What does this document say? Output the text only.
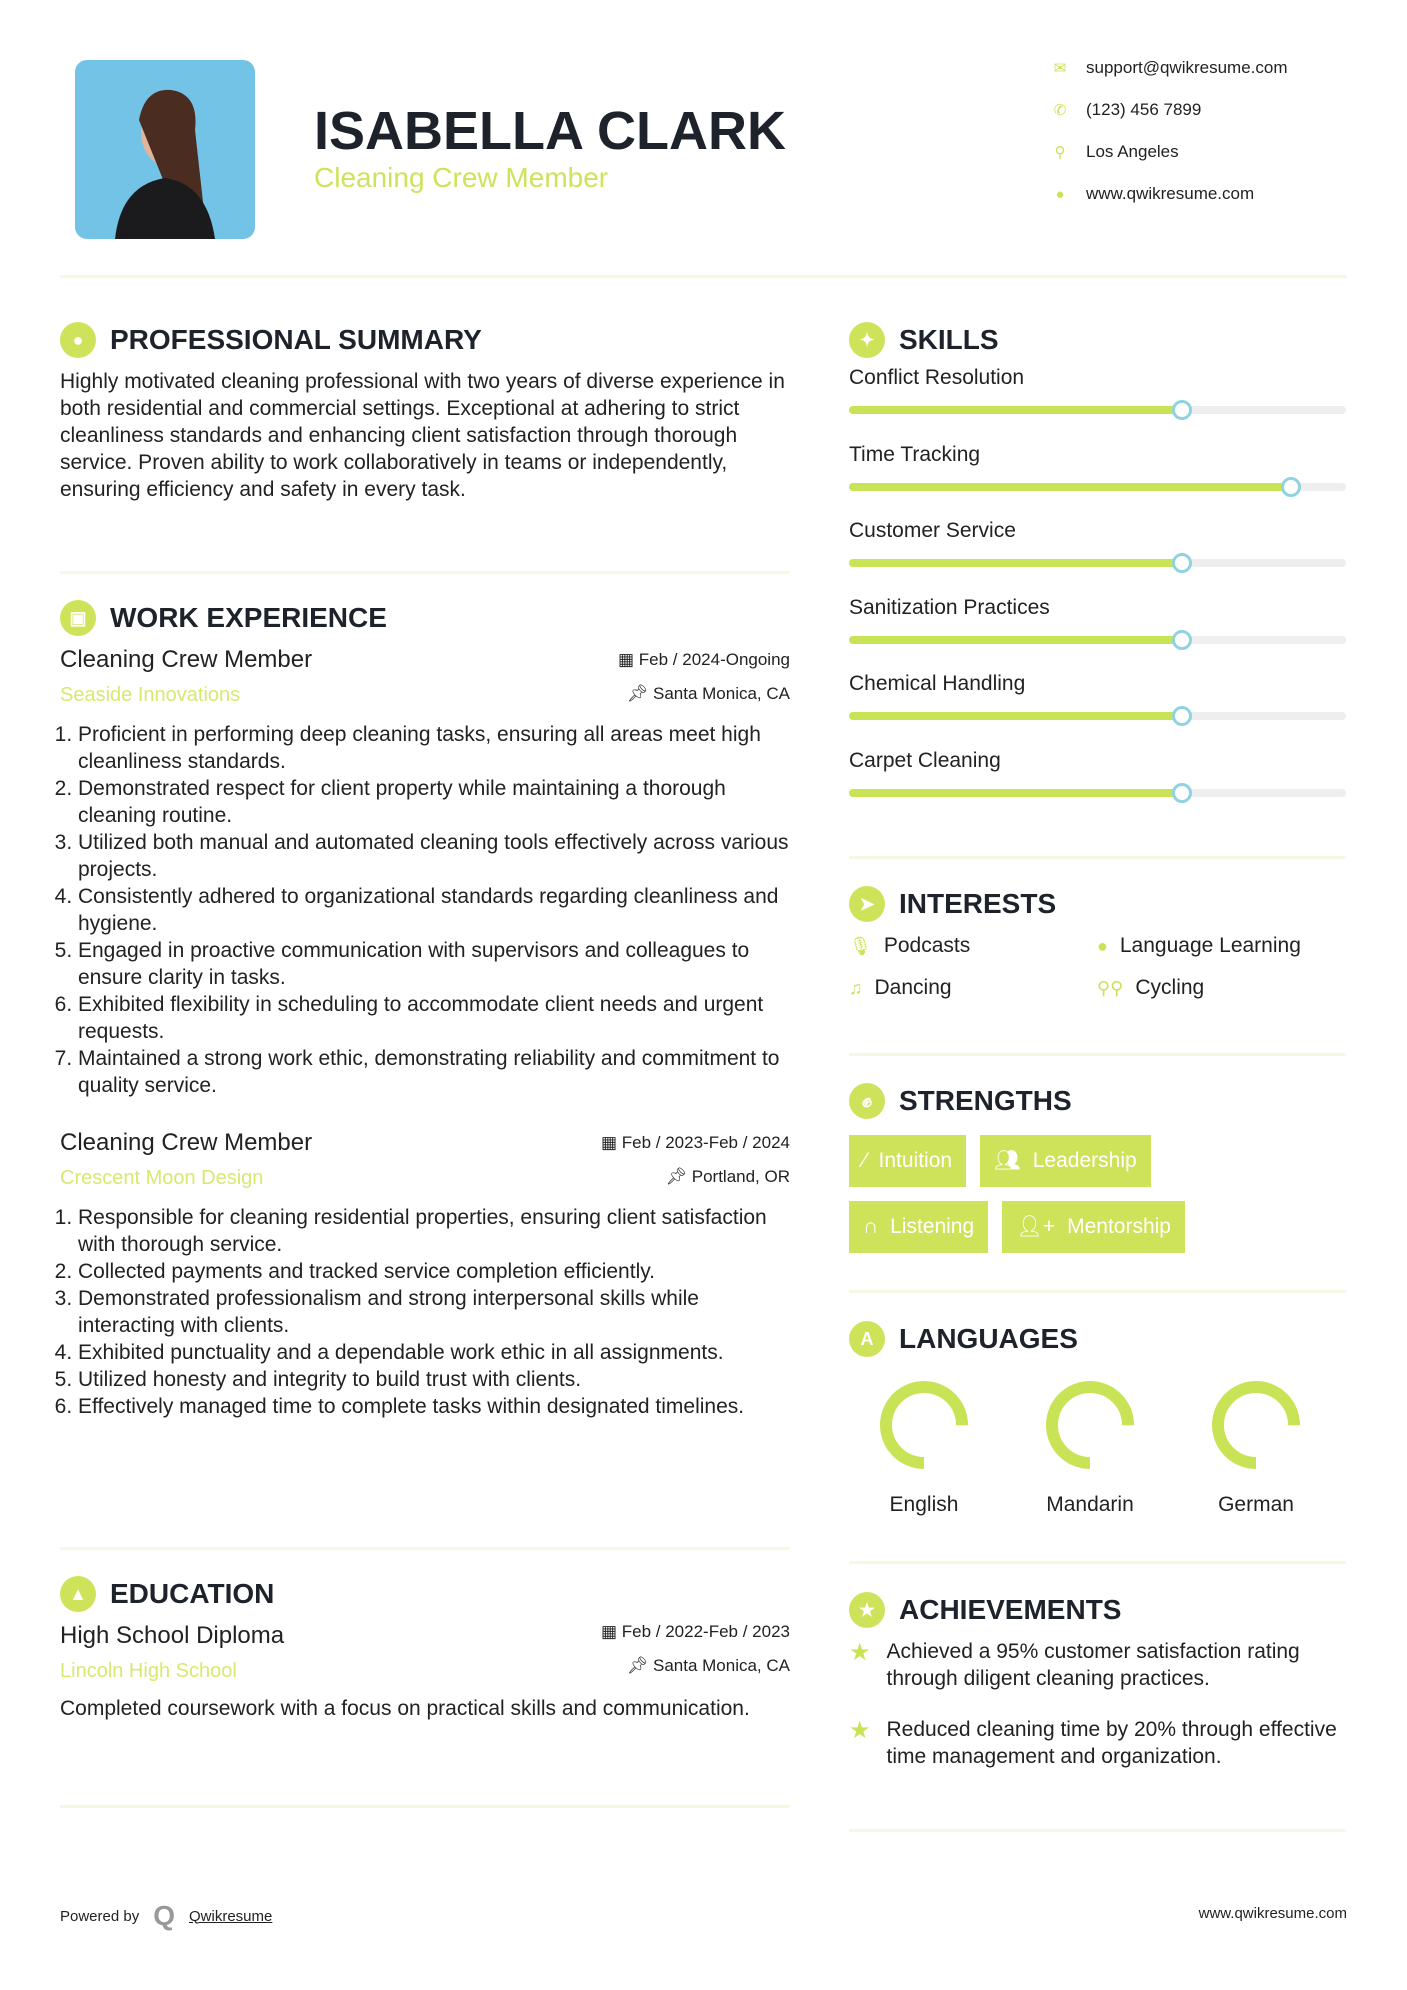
ISABELLA CLARK
Cleaning Crew Member
✉ support@qwikresume.com
✆ (123) 456 7899
⚲ Los Angeles
● www.qwikresume.com
● PROFESSIONAL SUMMARY

Highly motivated cleaning professional with two years of diverse experience in both residential and commercial settings. Exceptional at adhering to strict cleanliness standards and enhancing client satisfaction through thorough service. Proven ability to work collaboratively in teams or independently, ensuring efficiency and safety in every task.

▣ WORK EXPERIENCE
Cleaning Crew Member
Seaside Innovations
▦ Feb / 2024-Ongoing
📌︎ Santa Monica, CA
1. Proficient in performing deep cleaning tasks, ensuring all areas meet high cleanliness standards.
2. Demonstrated respect for client property while maintaining a thorough cleaning routine.
3. Utilized both manual and automated cleaning tools effectively across various projects.
4. Consistently adhered to organizational standards regarding cleanliness and hygiene.
5. Engaged in proactive communication with supervisors and colleagues to ensure clarity in tasks.
6. Exhibited flexibility in scheduling to accommodate client needs and urgent requests.
7. Maintained a strong work ethic, demonstrating reliability and commitment to quality service.
Cleaning Crew Member
Crescent Moon Design
▦ Feb / 2023-Feb / 2024
📌︎ Portland, OR
1. Responsible for cleaning residential properties, ensuring client satisfaction with thorough service.
2. Collected payments and tracked service completion efficiently.
3. Demonstrated professionalism and strong interpersonal skills while interacting with clients.
4. Exhibited punctuality and a dependable work ethic in all assignments.
5. Utilized honesty and integrity to build trust with clients.
6. Effectively managed time to complete tasks within designated timelines.
▲ EDUCATION
High School Diploma
Lincoln High School
▦ Feb / 2022-Feb / 2023
📌︎ Santa Monica, CA

Completed coursework with a focus on practical skills and communication.

✦ SKILLS
Conflict Resolution
Time Tracking
Customer Service
Sanitization Practices
Chemical Handling
Carpet Cleaning
➤ INTERESTS
🎙︎ Podcasts	● Language Learning
♫ Dancing	⚲⚲ Cycling
✊︎ STRENGTHS
⁄ Intuition 👥︎ Leadership
∩ Listening 👤︎+ Mentorship
A LANGUAGES
English	Mandarin	German
★ ACHIEVEMENTS
★ Achieved a 95% customer satisfaction rating through diligent cleaning practices.
★ Reduced cleaning time by 20% through effective time management and organization.
Powered by Q Qwikresume	www.qwikresume.com
